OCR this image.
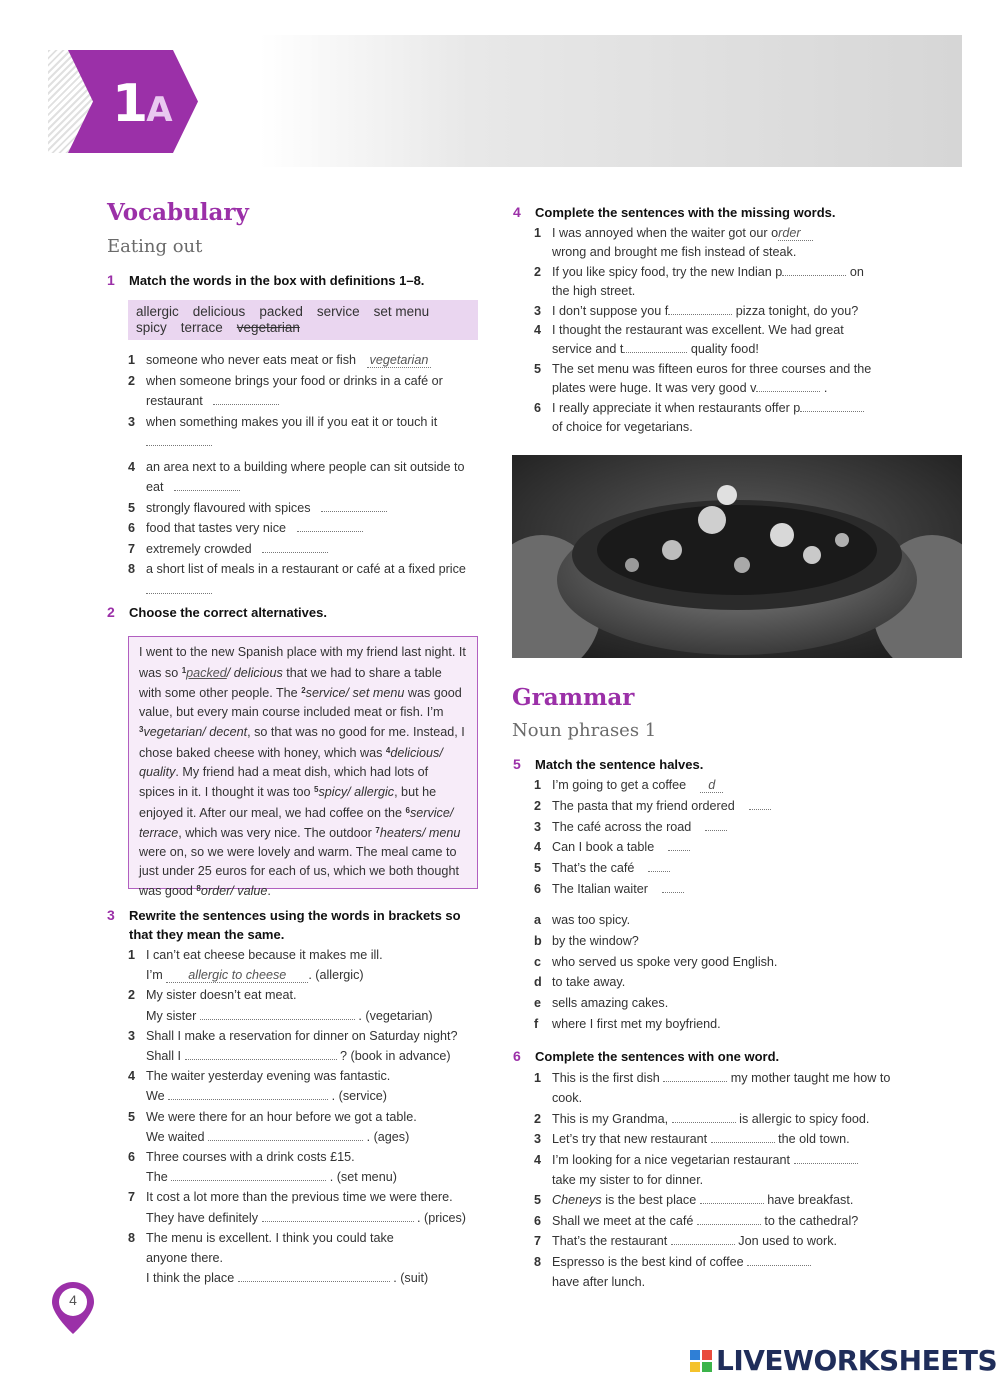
1A
Vocabulary
Eating out
1 Match the words in the box with definitions 1–8.
allergic delicious packed service set menu
spicy terrace vegetarian
1 someone who never eats meat or fish vegetarian
2 when someone brings your food or drinks in a café or restaurant
3 when something makes you ill if you eat it or touch it

4 an area next to a building where people can sit outside to eat
5 strongly flavoured with spices
6 food that tastes very nice
7 extremely crowded
8 a short list of meals in a restaurant or café at a fixed price
2 Choose the correct alternatives.
I went to the new Spanish place with my friend last night. It was so $^1$packed/ delicious that we had to share a table with some other people. The $^2$service/ set menu was good value, but every main course included meat or fish. I’m $^3$vegetarian/ decent, so that was no good for me. Instead, I chose baked cheese with honey, which was $^4$delicious/ quality. My friend had a meat dish, which had lots of spices in it. I thought it was too $^5$spicy/ allergic, but he enjoyed it. After our meal, we had coffee on the $^6$service/ terrace, which was very nice. The outdoor $^7$heaters/ menu were on, so we were lovely and warm. The meal came to just under 25 euros for each of us, which we both thought was good $^8$order/ value.
3 Rewrite the sentences using the words in brackets so that they mean the same.
1 I can’t eat cheese because it makes me ill.
I’m allergic to cheese . (allergic)
2 My sister doesn’t eat meat.
My sister	. (vegetarian)
3 Shall I make a reservation for dinner on Saturday night?
Shall I	? (book in advance)
4 The waiter yesterday evening was fantastic.
We	. (service)
5 We were there for an hour before we got a table.
We waited	. (ages)
6 Three courses with a drink costs £15.
The	. (set menu)
7 It cost a lot more than the previous time we were there.
They have definitely	. (prices)
8 The menu is excellent. I think you could take anyone there.
I think the place	. (suit)
4 Complete the sentences with the missing words.
1 I was annoyed when the waiter got our order
wrong and brought me fish instead of steak.
2 If you like spicy food, try the new Indian p	on the high street.
3 I don’t suppose you f	pizza tonight, do you?
4 I thought the restaurant was excellent. We had great service and t	quality food!
5 The set menu was fifteen euros for three courses and the plates were huge. It was very good v	.
6 I really appreciate it when restaurants offer p
of choice for vegetarians.
Grammar
Noun phrases 1
5 Match the sentence halves.
1 I’m going to get a coffee d
2 The pasta that my friend ordered
3 The café across the road
4 Can I book a table
5 That’s the café
6 The Italian waiter
a was too spicy.
b by the window?
c who served us spoke very good English.
d to take away.
e sells amazing cakes.
f where I first met my boyfriend.
6 Complete the sentences with one word.
1 This is the first dish	my mother taught me how to cook.
2 This is my Grandma,	is allergic to spicy food.
3 Let’s try that new restaurant	the old town.
4 I’m looking for a nice vegetarian restaurant
take my sister to for dinner.
5 Cheneys is the best place	have breakfast.
6 Shall we meet at the café	to the cathedral?
7 That’s the restaurant	Jon used to work.
8 Espresso is the best kind of coffee  have after lunch.
4
LIVEWORKSHEETS
